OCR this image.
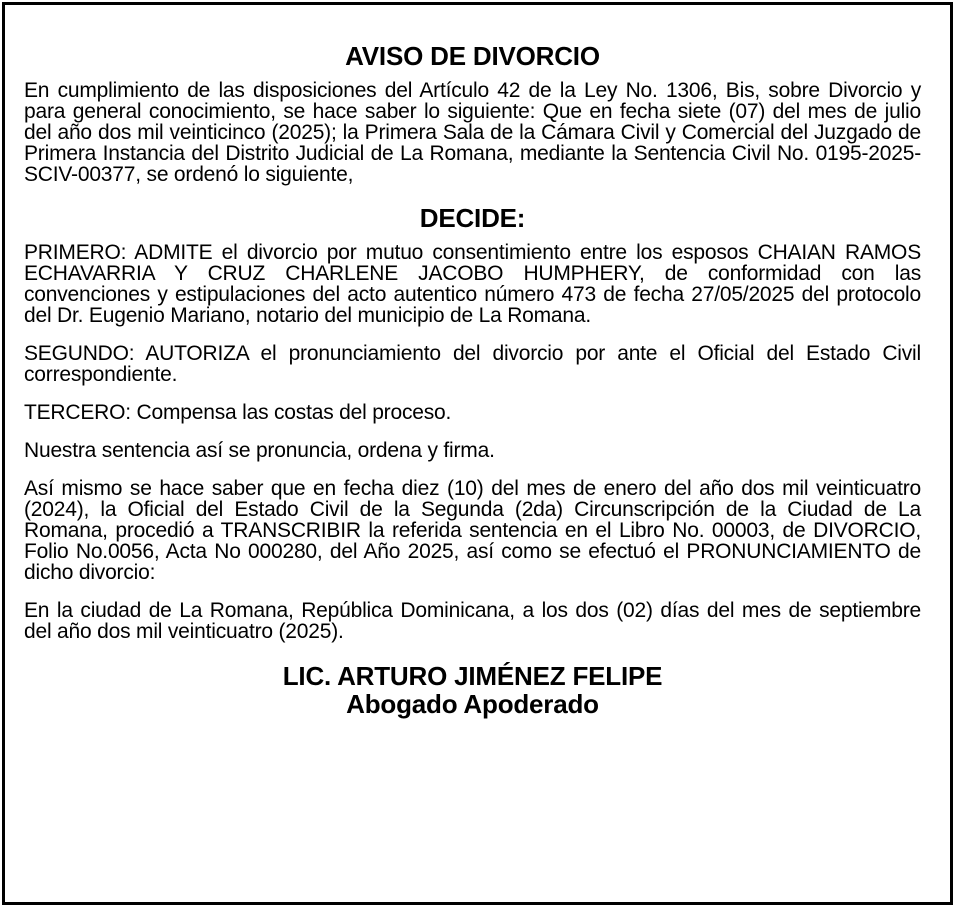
AVISO DE DIVORCIO

En cumplimiento de las disposiciones del Artículo 42 de la Ley No. 1306, Bis, sobre Divorcio y para general conocimiento, se hace saber lo siguiente: Que en fecha siete (07) del mes de julio del año dos mil veinticinco (2025); la Primera Sala de la Cámara Civil y Comercial del Juzgado de Primera Instancia del Distrito Judicial de La Romana, mediante la Sentencia Civil No. 0195-2025-SCIV-00377, se ordenó lo siguiente,

DECIDE:

PRIMERO: ADMITE el divorcio por mutuo consentimiento entre los esposos CHAIAN RAMOS ECHAVARRIA Y CRUZ CHARLENE JACOBO HUMPHERY, de conformidad con las convenciones y estipulaciones del acto autentico número 473 de fecha 27/05/2025 del protocolo del Dr. Eugenio Mariano, notario del municipio de La Romana.

SEGUNDO: AUTORIZA el pronunciamiento del divorcio por ante el Oficial del Estado Civil correspondiente.

TERCERO: Compensa las costas del proceso.

Nuestra sentencia así se pronuncia, ordena y firma.

Así mismo se hace saber que en fecha diez (10) del mes de enero del año dos mil veinticuatro (2024), la Oficial del Estado Civil de la Segunda (2da) Circunscripción de la Ciudad de La Romana, procedió a TRANSCRIBIR la referida sentencia en el Libro No. 00003, de DIVORCIO, Folio No.0056, Acta No 000280, del Año 2025, así como se efectuó el PRONUNCIAMIENTO de dicho divorcio:

En la ciudad de La Romana, República Dominicana, a los dos (02) días del mes de septiembre del año dos mil veinticuatro (2025).

LIC. ARTURO JIMÉNEZ FELIPE
Abogado Apoderado
